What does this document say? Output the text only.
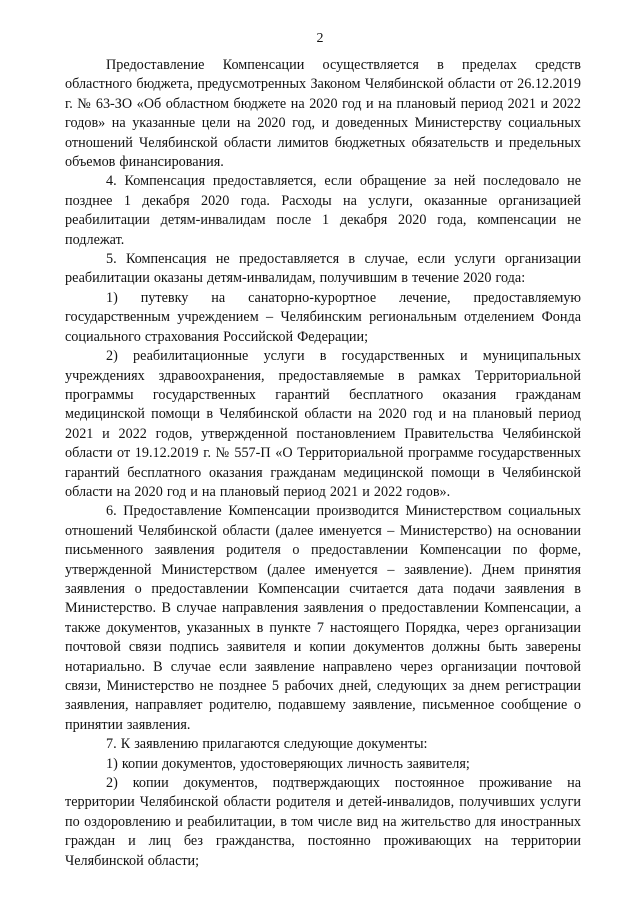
2

Предоставление Компенсации осуществляется в пределах средств областного бюджета, предусмотренных Законом Челябинской области от 26.12.2019 г. № 63-ЗО «Об областном бюджете на 2020 год и на плановый период 2021 и 2022 годов» на указанные цели на 2020 год, и доведенных Министерству социальных отношений Челябинской области лимитов бюджетных обязательств и предельных объемов финансирования.

4. Компенсация предоставляется, если обращение за ней последовало не позднее 1 декабря 2020 года. Расходы на услуги, оказанные организацией реабилитации детям-инвалидам после 1 декабря 2020 года, компенсации не подлежат.

5. Компенсация не предоставляется в случае, если услуги организации реабилитации оказаны детям-инвалидам, получившим в течение 2020 года:

1) путевку на санаторно-курортное лечение, предоставляемую государственным учреждением – Челябинским региональным отделением Фонда социального страхования Российской Федерации;

2) реабилитационные услуги в государственных и муниципальных учреждениях здравоохранения, предоставляемые в рамках Территориальной программы государственных гарантий бесплатного оказания гражданам медицинской помощи в Челябинской области на 2020 год и на плановый период 2021 и 2022 годов, утвержденной постановлением Правительства Челябинской области от 19.12.2019 г. № 557-П «О Территориальной программе государственных гарантий бесплатного оказания гражданам медицинской помощи в Челябинской области на 2020 год и на плановый период 2021 и 2022 годов».

6. Предоставление Компенсации производится Министерством социальных отношений Челябинской области (далее именуется – Министерство) на основании письменного заявления родителя о предоставлении Компенсации по форме, утвержденной Министерством (далее именуется – заявление). Днем принятия заявления о предоставлении Компенсации считается дата подачи заявления в Министерство. В случае направления заявления о предоставлении Компенсации, а также документов, указанных в пункте 7 настоящего Порядка, через организации почтовой связи подпись заявителя и копии документов должны быть заверены нотариально. В случае если заявление направлено через организации почтовой связи, Министерство не позднее 5 рабочих дней, следующих за днем регистрации заявления, направляет родителю, подавшему заявление, письменное сообщение о принятии заявления.

7. К заявлению прилагаются следующие документы:

1) копии документов, удостоверяющих личность заявителя;

2) копии документов, подтверждающих постоянное проживание на территории Челябинской области родителя и детей-инвалидов, получивших услуги по оздоровлению и реабилитации, в том числе вид на жительство для иностранных граждан и лиц без гражданства, постоянно проживающих на территории Челябинской области;
